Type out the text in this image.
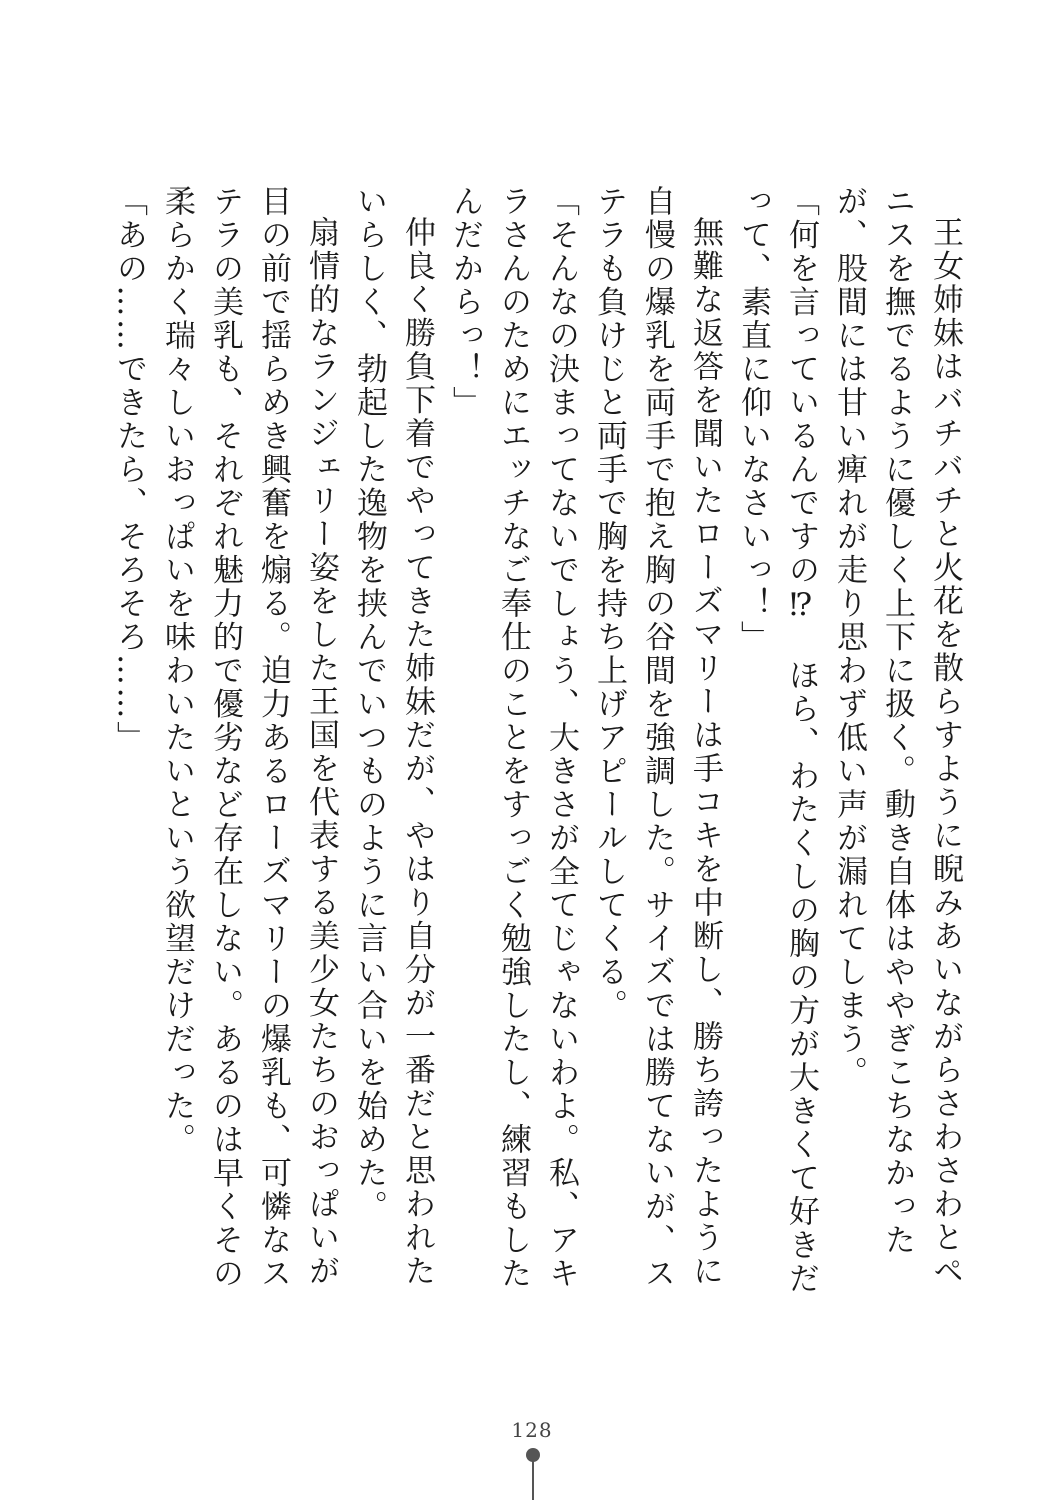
王女姉妹はバチバチと火花を散らすように睨みあいながらさわさわとペニスを撫でるように優しく上下に扱く。動き自体はややぎこちなかったが、股間には甘い痺れが走り思わず低い声が漏れてしまう。

「何を言っているんですの⁉　ほら、わたくしの胸の方が大きくて好きだって、素直に仰いなさいっ！」

無難な返答を聞いたローズマリーは手コキを中断し、勝ち誇ったように自慢の爆乳を両手で抱え胸の谷間を強調した。サイズでは勝てないが、ステラも負けじと両手で胸を持ち上げアピールしてくる。

「そんなの決まってないでしょう、大きさが全てじゃないわよ。私、アキラさんのためにエッチなご奉仕のことをすっごく勉強したし、練習もしたんだからっ！」

仲良く勝負下着でやってきた姉妹だが、やはり自分が一番だと思われたいらしく、勃起した逸物を挟んでいつものように言い合いを始めた。

扇情的なランジェリー姿をした王国を代表する美少女たちのおっぱいが目の前で揺らめき興奮を煽る。迫力あるローズマリーの爆乳も、可憐なステラの美乳も、それぞれ魅力的で優劣など存在しない。あるのは早くその柔らかく瑞々しいおっぱいを味わいたいという欲望だけだった。

「あの……できたら、そろそろ……」

128
